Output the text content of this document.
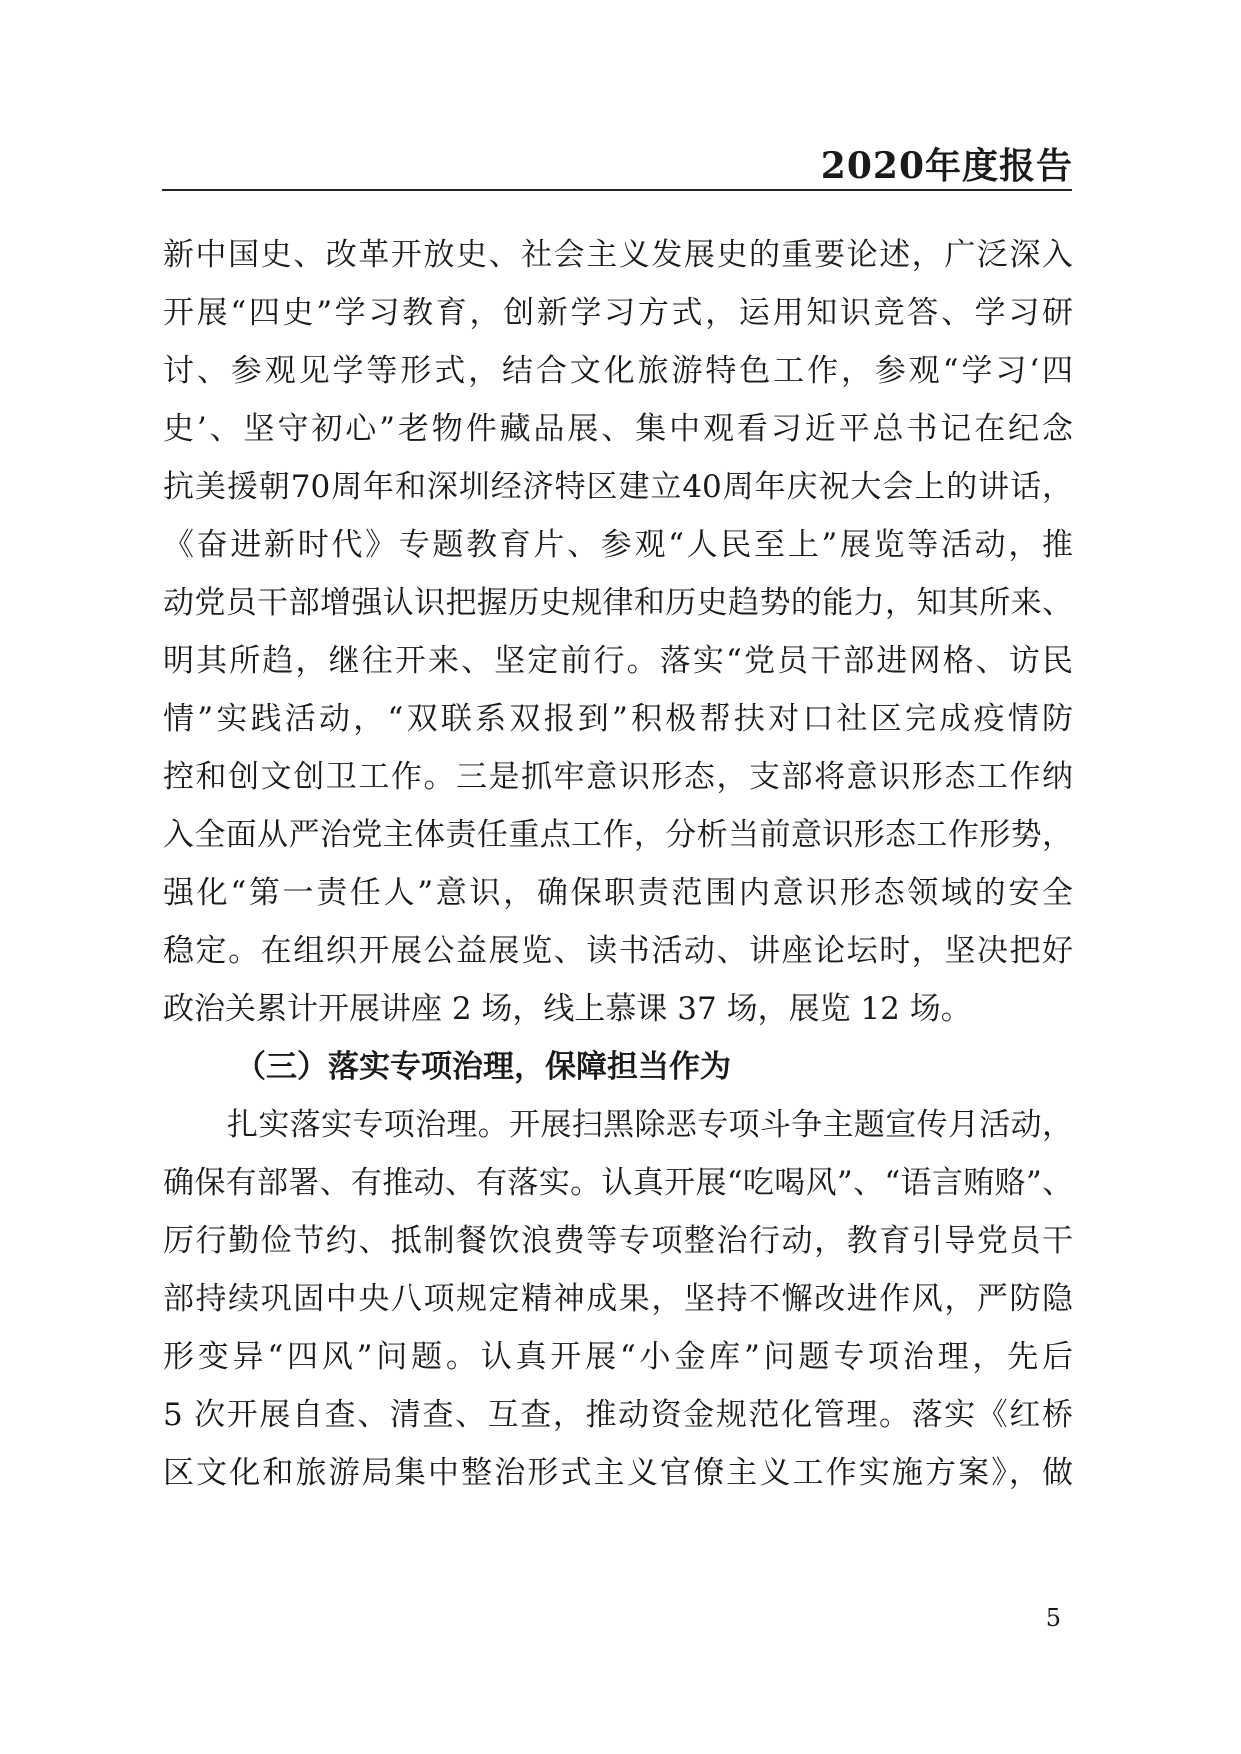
2020年度报告
新中国史、改革开放史、社会主义发展史的重要论述，广泛深入
开展“四史”学习教育，创新学习方式，运用知识竞答、学习研
讨、参观见学等形式，结合文化旅游特色工作，参观“学习‘四
史’、坚守初心”老物件藏品展、集中观看习近平总书记在纪念
抗美援朝70周年和深圳经济特区建立40周年庆祝大会上的讲话，
《奋进新时代》专题教育片、参观“人民至上”展览等活动，推
动党员干部增强认识把握历史规律和历史趋势的能力，知其所来、
明其所趋，继往开来、坚定前行。落实“党员干部进网格、访民
情”实践活动，“双联系双报到”积极帮扶对口社区完成疫情防
控和创文创卫工作。三是抓牢意识形态，支部将意识形态工作纳
入全面从严治党主体责任重点工作，分析当前意识形态工作形势，
强化“第一责任人”意识，确保职责范围内意识形态领域的安全
稳定。在组织开展公益展览、读书活动、讲座论坛时，坚决把好
政治关累计开展讲座 2 场，线上慕课 37 场，展览 12 场。
（三）落实专项治理，保障担当作为
扎实落实专项治理。开展扫黑除恶专项斗争主题宣传月活动，
确保有部署、有推动、有落实。认真开展“吃喝风”、“语言贿赂”、
厉行勤俭节约、抵制餐饮浪费等专项整治行动，教育引导党员干
部持续巩固中央八项规定精神成果，坚持不懈改进作风，严防隐
形变异“四风”问题。认真开展“小金库”问题专项治理，先后
5 次开展自查、清查、互查，推动资金规范化管理。落实《红桥
区文化和旅游局集中整治形式主义官僚主义工作实施方案》，做
5
